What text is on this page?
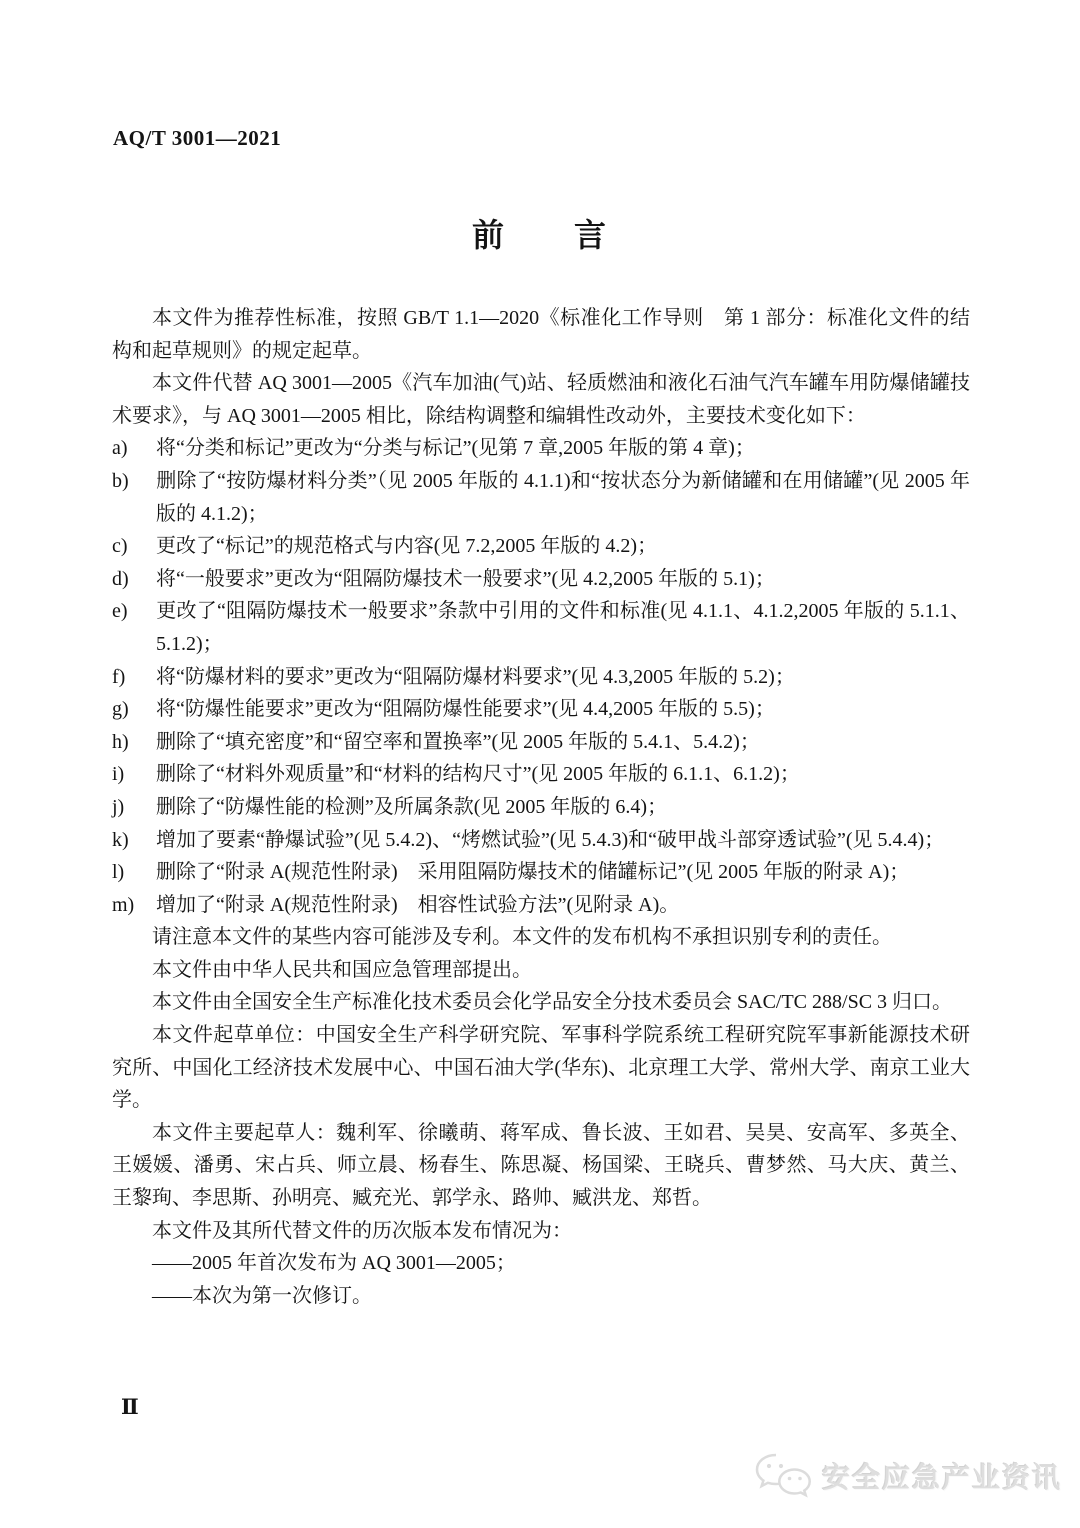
AQ/T 3001—2021
前　　言

本文件为推荐性标准，按照 GB/T 1.1—2020《标准化工作导则　第 1 部分：标准化文件的结构和起草规则》的规定起草。

本文件代替 AQ 3001—2005《汽车加油(气)站、轻质燃油和液化石油气汽车罐车用防爆储罐技术要求》，与 AQ 3001—2005 相比，除结构调整和编辑性改动外，主要技术变化如下：

a) 将“分类和标记”更改为“分类与标记”(见第 7 章,2005 年版的第 4 章)；

b) 删除了“按防爆材料分类”（见 2005 年版的 4.1.1)和“按状态分为新储罐和在用储罐”(见 2005 年版的 4.1.2)；

c) 更改了“标记”的规范格式与内容(见 7.2,2005 年版的 4.2)；

d) 将“一般要求”更改为“阻隔防爆技术一般要求”(见 4.2,2005 年版的 5.1)；

e) 更改了“阻隔防爆技术一般要求”条款中引用的文件和标准(见 4.1.1、4.1.2,2005 年版的 5.1.1、5.1.2)；

f) 将“防爆材料的要求”更改为“阻隔防爆材料要求”(见 4.3,2005 年版的 5.2)；

g) 将“防爆性能要求”更改为“阻隔防爆性能要求”(见 4.4,2005 年版的 5.5)；

h) 删除了“填充密度”和“留空率和置换率”(见 2005 年版的 5.4.1、5.4.2)；

i) 删除了“材料外观质量”和“材料的结构尺寸”(见 2005 年版的 6.1.1、6.1.2)；

j) 删除了“防爆性能的检测”及所属条款(见 2005 年版的 6.4)；

k) 增加了要素“静爆试验”(见 5.4.2)、“烤燃试验”(见 5.4.3)和“破甲战斗部穿透试验”(见 5.4.4)；

l) 删除了“附录 A(规范性附录)　采用阻隔防爆技术的储罐标记”(见 2005 年版的附录 A)；

m) 增加了“附录 A(规范性附录)　相容性试验方法”(见附录 A)。

请注意本文件的某些内容可能涉及专利。本文件的发布机构不承担识别专利的责任。

本文件由中华人民共和国应急管理部提出。

本文件由全国安全生产标准化技术委员会化学品安全分技术委员会 SAC/TC 288/SC 3 归口。

本文件起草单位：中国安全生产科学研究院、军事科学院系统工程研究院军事新能源技术研究所、中国化工经济技术发展中心、中国石油大学(华东)、北京理工大学、常州大学、南京工业大学。

本文件主要起草人：魏利军、徐曦萌、蒋军成、鲁长波、王如君、吴昊、安高军、多英全、王媛媛、潘勇、宋占兵、师立晨、杨春生、陈思凝、杨国梁、王晓兵、曹梦然、马大庆、黄兰、王黎珣、李思斯、孙明亮、臧充光、郭学永、路帅、臧洪龙、郑哲。

本文件及其所代替文件的历次版本发布情况为：

——2005 年首次发布为 AQ 3001—2005；

——本次为第一次修订。

Ⅱ
安全应急产业资讯
